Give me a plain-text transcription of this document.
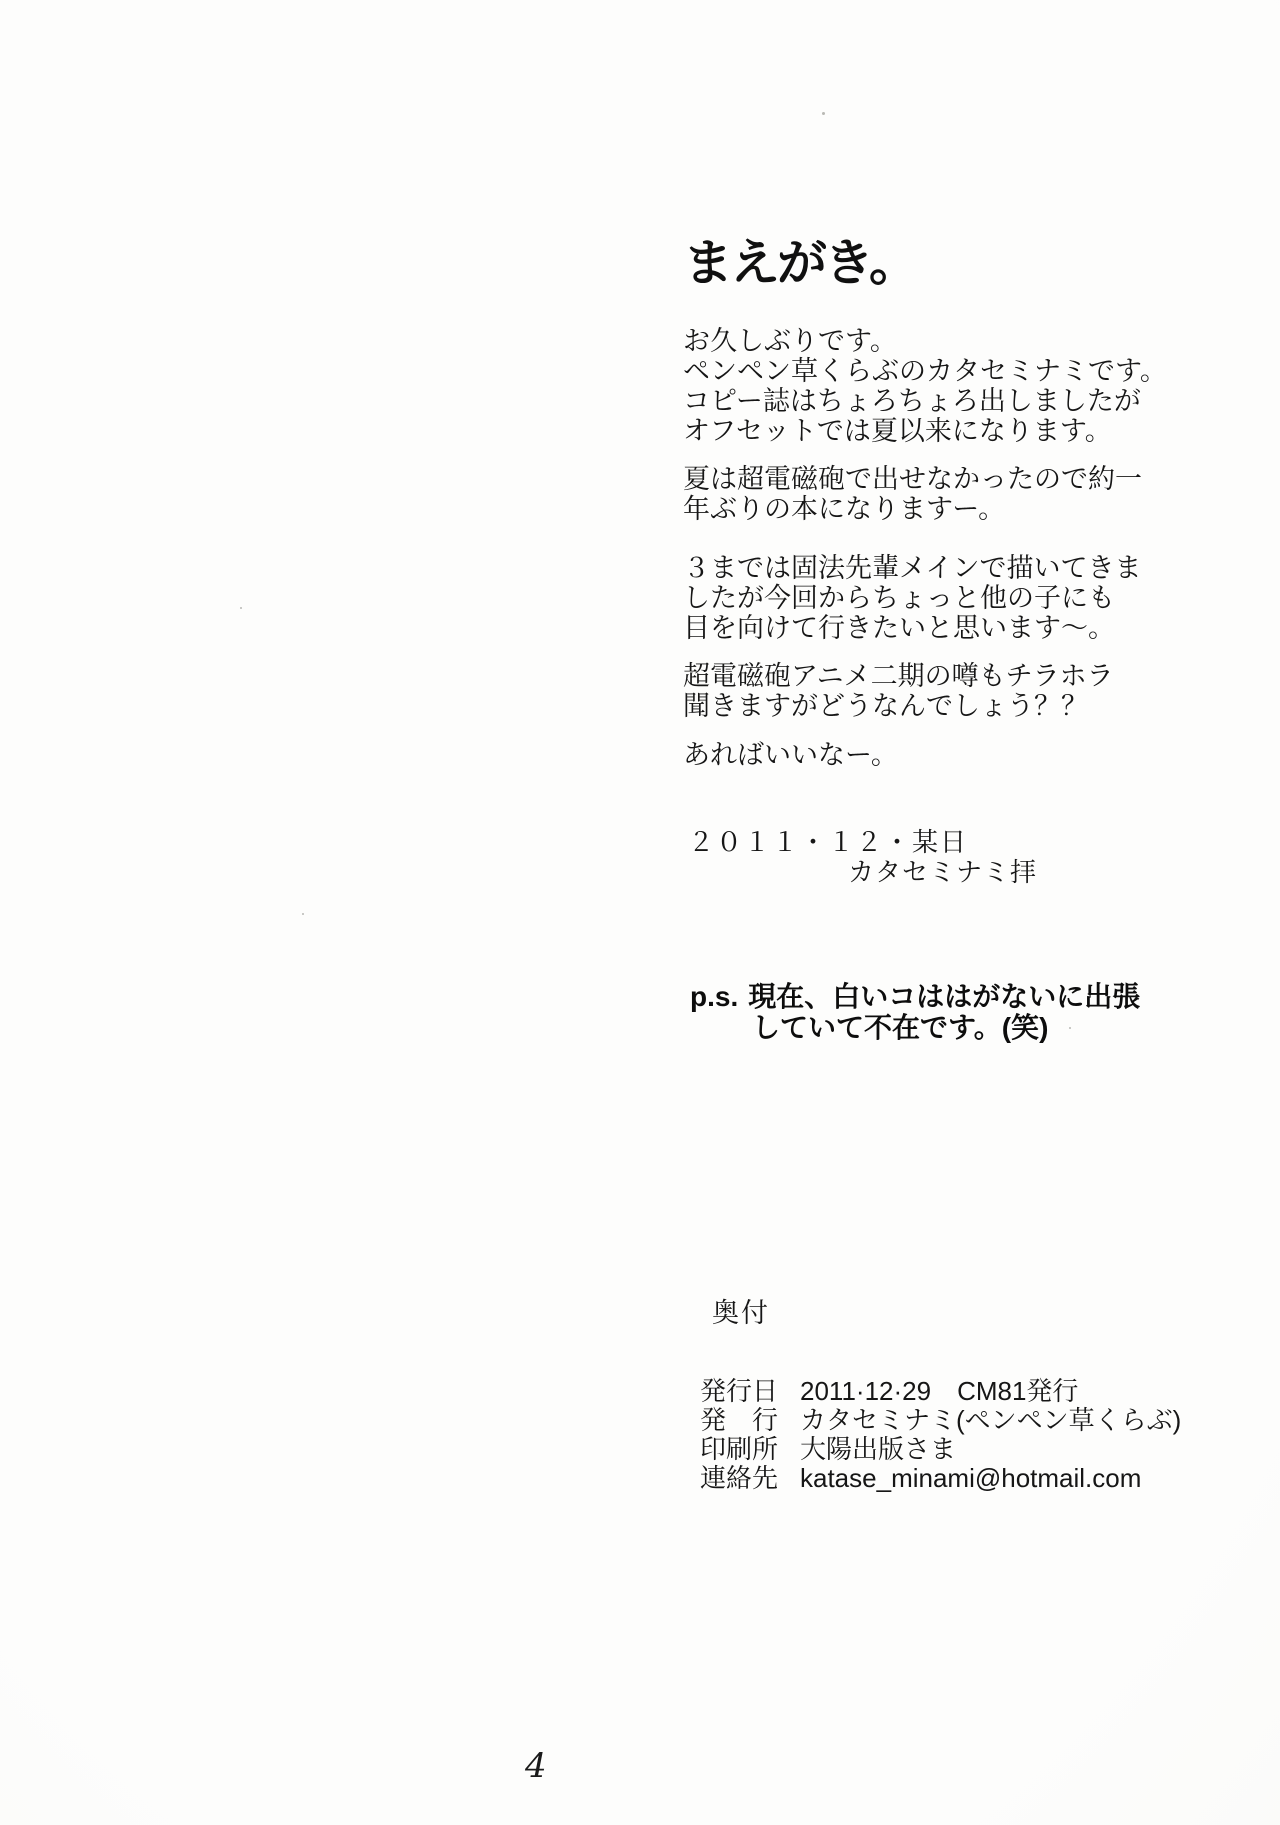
まえがき。
お久しぶりです。
ペンペン草くらぶのカタセミナミです。
コピー誌はちょろちょろ出しましたが
オフセットでは夏以来になります。
夏は超電磁砲で出せなかったので約一
年ぶりの本になりますー。
３までは固法先輩メインで描いてきま
したが今回からちょっと他の子にも
目を向けて行きたいと思います～。
超電磁砲アニメ二期の噂もチラホラ
聞きますがどうなんでしょう？？
あればいいなー。
２０１１・１２・某日
カタセミナミ拝
p.s. 現在、白いコははがないに出張
していて不在です。(笑)
奥付
発行日 2011·12·29　CM81発行
発　行 カタセミナミ(ペンペン草くらぶ)
印刷所 大陽出版さま
連絡先 katase_minami@hotmail.com
4
